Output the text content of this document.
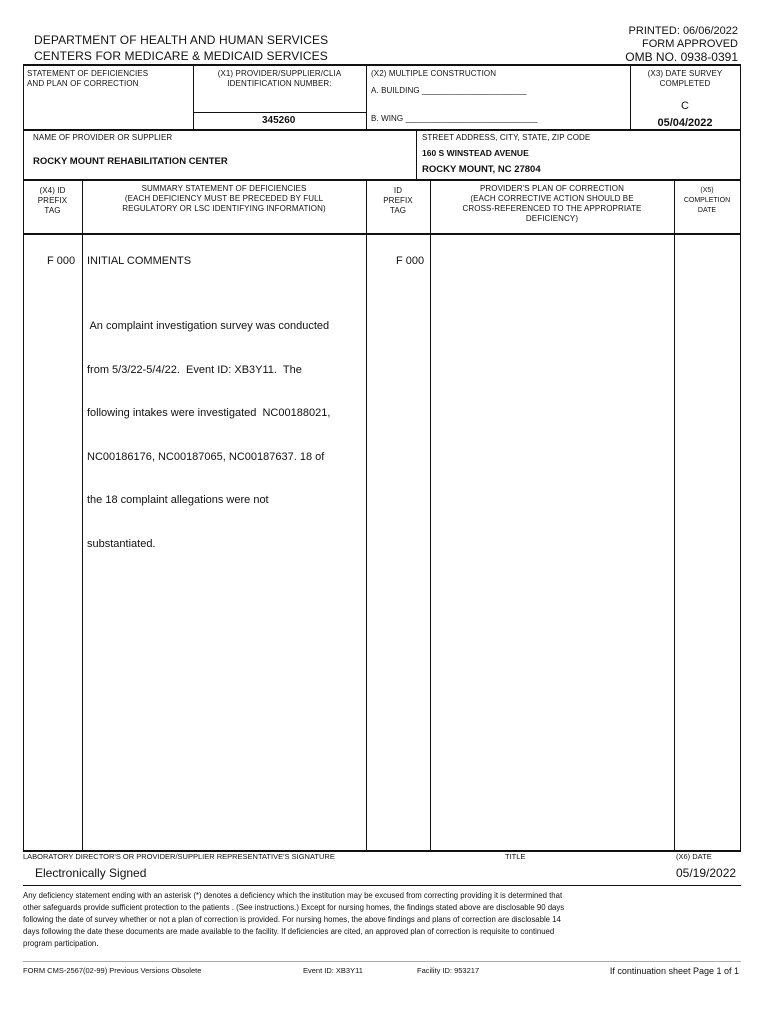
DEPARTMENT OF HEALTH AND HUMAN SERVICES
CENTERS FOR MEDICARE & MEDICAID SERVICES
PRINTED: 06/06/2022
FORM APPROVED
OMB NO. 0938-0391
STATEMENT OF DEFICIENCIES
AND PLAN OF CORRECTION
(X1) PROVIDER/SUPPLIER/CLIA
IDENTIFICATION NUMBER:
345260
(X2) MULTIPLE CONSTRUCTION
A. BUILDING _______________________
B. WING _____________________________
(X3) DATE SURVEY
COMPLETED
C
05/04/2022
NAME OF PROVIDER OR SUPPLIER
ROCKY MOUNT REHABILITATION CENTER
STREET ADDRESS, CITY, STATE, ZIP CODE
160 S WINSTEAD AVENUE
ROCKY MOUNT, NC 27804
(X4) ID
PREFIX
TAG
SUMMARY STATEMENT OF DEFICIENCIES
(EACH DEFICIENCY MUST BE PRECEDED BY FULL
REGULATORY OR LSC IDENTIFYING INFORMATION)
ID
PREFIX
TAG
PROVIDER'S PLAN OF CORRECTION
(EACH CORRECTIVE ACTION SHOULD BE
CROSS-REFERENCED TO THE APPROPRIATE
DEFICIENCY)
(X5)
COMPLETION
DATE
F 000 INITIAL COMMENTS	F 000

An complaint investigation survey was conducted

from 5/3/22-5/4/22.  Event ID: XB3Y11.  The

following intakes were investigated  NC00188021,

NC00186176, NC00187065, NC00187637. 18 of

the 18 complaint allegations were not

substantiated.

LABORATORY DIRECTOR'S OR PROVIDER/SUPPLIER REPRESENTATIVE'S SIGNATURE	TITLE	(X6) DATE
Electronically Signed	05/19/2022
Any deficiency statement ending with an asterisk (*) denotes a deficiency which the institution may be excused from correcting providing it is determined that
other safeguards provide sufficient protection to the patients . (See instructions.) Except for nursing homes, the findings stated above are disclosable 90 days
following the date of survey whether or not a plan of correction is provided. For nursing homes, the above findings and plans of correction are disclosable 14
days following the date these documents are made available to the facility. If deficiencies are cited, an approved plan of correction is requisite to continued
program participation.
FORM CMS-2567(02-99) Previous Versions Obsolete	Event ID: XB3Y11	Facility ID: 953217	If continuation sheet Page 1 of 1
